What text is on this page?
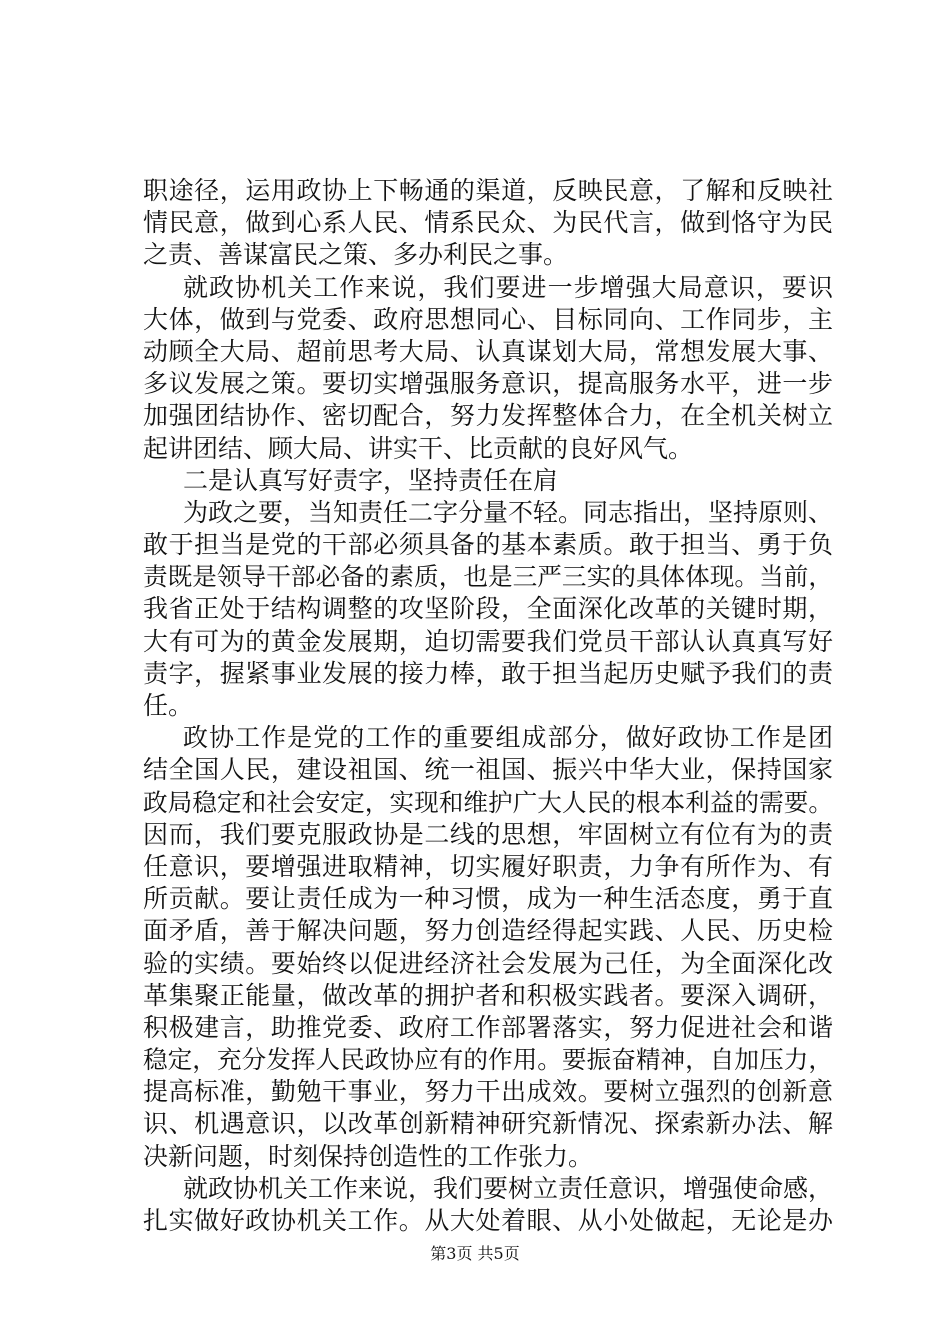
职途径，运用政协上下畅通的渠道，反映民意，了解和反映社
情民意，做到心系人民、情系民众、为民代言，做到恪守为民
之责、善谋富民之策、多办利民之事。
就政协机关工作来说，我们要进一步增强大局意识，要识
大体，做到与党委、政府思想同心、目标同向、工作同步，主
动顾全大局、超前思考大局、认真谋划大局，常想发展大事、
多议发展之策。要切实增强服务意识，提高服务水平，进一步
加强团结协作、密切配合，努力发挥整体合力，在全机关树立
起讲团结、顾大局、讲实干、比贡献的良好风气。
二是认真写好责字，坚持责任在肩
为政之要，当知责任二字分量不轻。同志指出，坚持原则、
敢于担当是党的干部必须具备的基本素质。敢于担当、勇于负
责既是领导干部必备的素质，也是三严三实的具体体现。当前，
我省正处于结构调整的攻坚阶段，全面深化改革的关键时期，
大有可为的黄金发展期，迫切需要我们党员干部认认真真写好
责字，握紧事业发展的接力棒，敢于担当起历史赋予我们的责
任。
政协工作是党的工作的重要组成部分，做好政协工作是团
结全国人民，建设祖国、统一祖国、振兴中华大业，保持国家
政局稳定和社会安定，实现和维护广大人民的根本利益的需要。
因而，我们要克服政协是二线的思想，牢固树立有位有为的责
任意识，要增强进取精神，切实履好职责，力争有所作为、有
所贡献。要让责任成为一种习惯，成为一种生活态度，勇于直
面矛盾，善于解决问题，努力创造经得起实践、人民、历史检
验的实绩。要始终以促进经济社会发展为己任，为全面深化改
革集聚正能量，做改革的拥护者和积极实践者。要深入调研，
积极建言，助推党委、政府工作部署落实，努力促进社会和谐
稳定，充分发挥人民政协应有的作用。要振奋精神，自加压力，
提高标准，勤勉干事业，努力干出成效。要树立强烈的创新意
识、机遇意识，以改革创新精神研究新情况、探索新办法、解
决新问题，时刻保持创造性的工作张力。
就政协机关工作来说，我们要树立责任意识，增强使命感，
扎实做好政协机关工作。从大处着眼、从小处做起，无论是办
第3页 共5页
